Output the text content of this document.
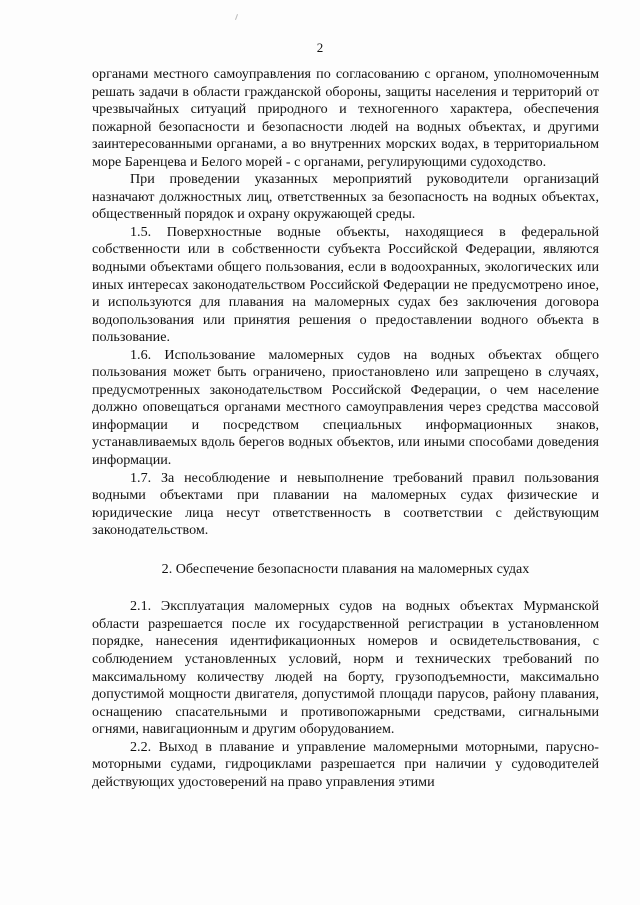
2

органами местного самоуправления по согласованию с органом, уполномоченным решать задачи в области гражданской обороны, защиты населения и территорий от чрезвычайных ситуаций природного и техногенного характера, обеспечения пожарной безопасности и безопасности людей на водных объектах, и другими заинтересованными органами, а во внутренних морских водах, в территориальном море Баренцева и Белого морей - с органами, регулирующими судоходство.

При проведении указанных мероприятий руководители организаций назначают должностных лиц, ответственных за безопасность на водных объектах, общественный порядок и охрану окружающей среды.

1.5. Поверхностные водные объекты, находящиеся в федеральной собственности или в собственности субъекта Российской Федерации, являются водными объектами общего пользования, если в водоохранных, экологических или иных интересах законодательством Российской Федерации не предусмотрено иное, и используются для плавания на маломерных судах без заключения договора водопользования или принятия решения о предоставлении водного объекта в пользование.

1.6. Использование маломерных судов на водных объектах общего пользования может быть ограничено, приостановлено или запрещено в случаях, предусмотренных законодательством Российской Федерации, о чем население должно оповещаться органами местного самоуправления через средства массовой информации и посредством специальных информационных знаков, устанавливаемых вдоль берегов водных объектов, или иными способами доведения информации.

1.7. За несоблюдение и невыполнение требований правил пользования водными объектами при плавании на маломерных судах физические и юридические лица несут ответственность в соответствии с действующим законодательством.

2. Обеспечение безопасности плавания на маломерных судах

2.1. Эксплуатация маломерных судов на водных объектах Мурманской области разрешается после их государственной регистрации в установленном порядке, нанесения идентификационных номеров и освидетельствования, с соблюдением установленных условий, норм и технических требований по максимальному количеству людей на борту, грузоподъемности, максимально допустимой мощности двигателя, допустимой площади парусов, району плавания, оснащению спасательными и противопожарными средствами, сигнальными огнями, навигационным и другим оборудованием.

2.2. Выход в плавание и управление маломерными моторными, парусно-моторными судами, гидроциклами разрешается при наличии у судоводителей действующих удостоверений на право управления этими
